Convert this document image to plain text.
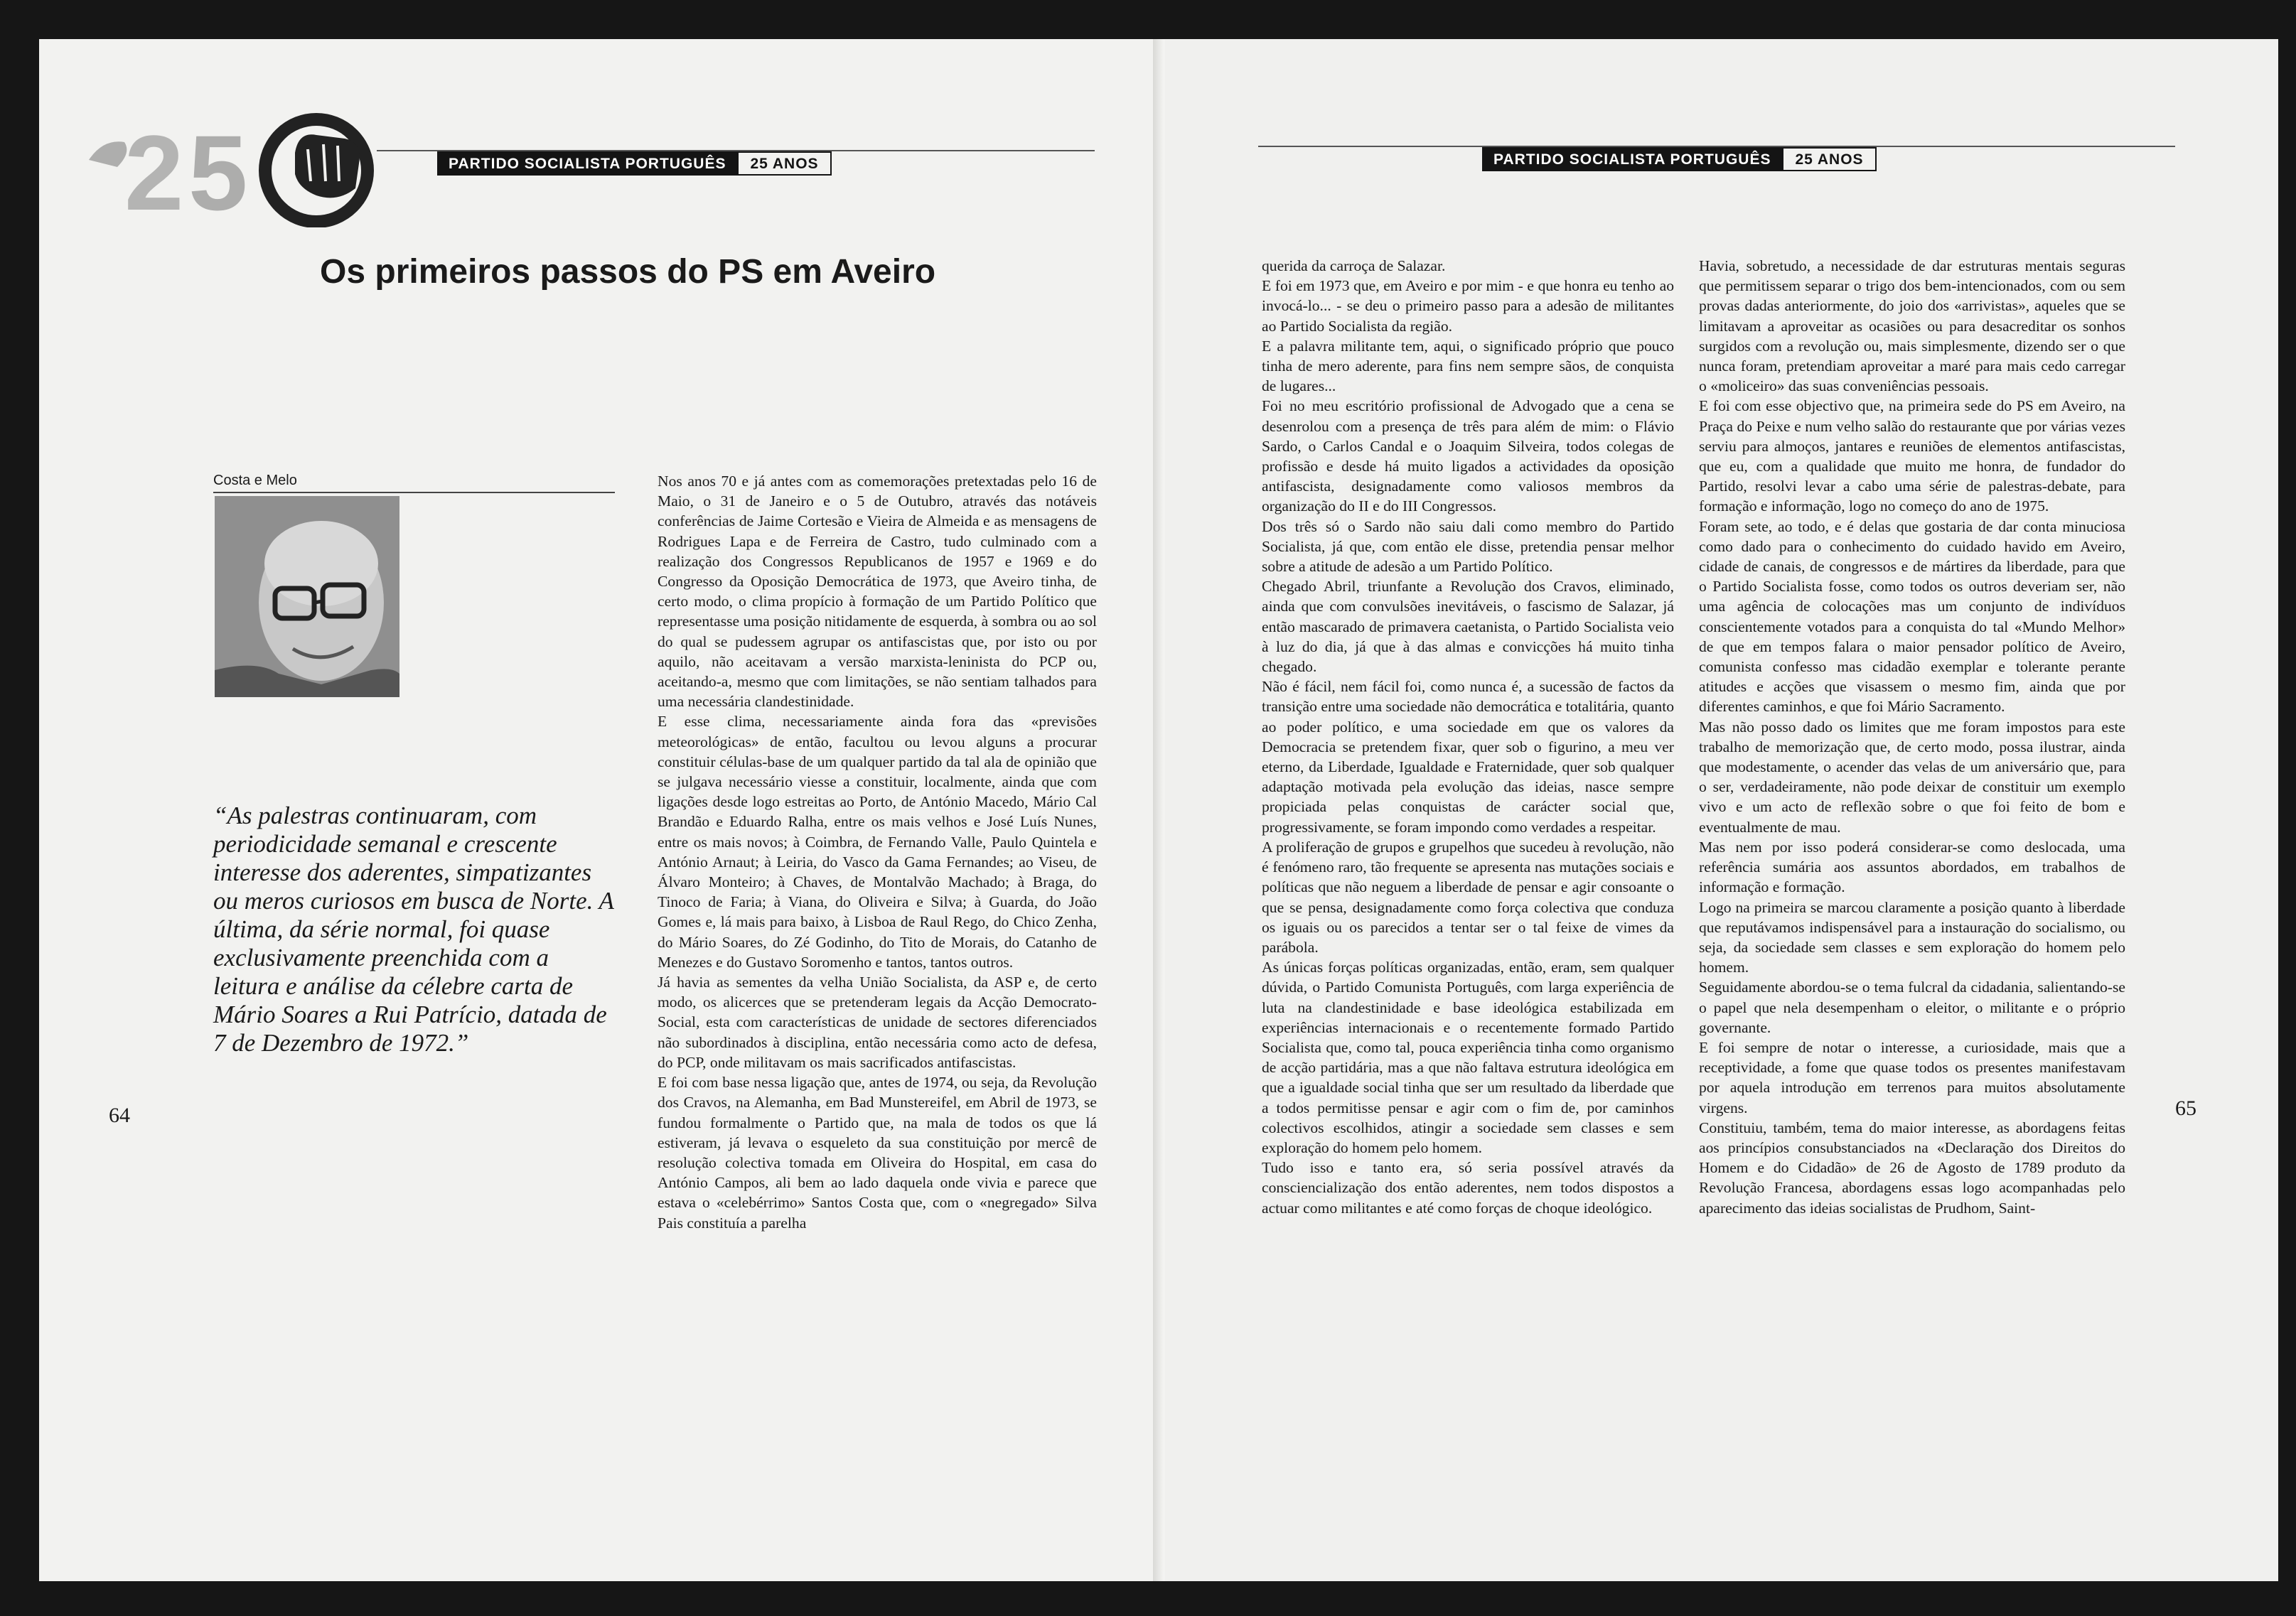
2 5	PARTIDO SOCIALISTA PORTUGUÊS	25 ANOS
Os primeiros passos do PS em Aveiro
Costa e Melo
“As palestras continuaram, com periodicidade semanal e crescente interesse dos aderentes, simpatizantes ou meros curiosos em busca de Norte. A última, da série normal, foi quase exclusivamente preenchida com a leitura e análise da célebre carta de Mário Soares a Rui Patrício, datada de 7 de Dezembro de 1972.”
64

Nos anos 70 e já antes com as comemorações pretextadas pelo 16 de Maio, o 31 de Janeiro e o 5 de Outubro, através das notáveis conferências de Jaime Cortesão e Vieira de Almeida e as mensagens de Rodrigues Lapa e de Ferreira de Castro, tudo culminado com a realização dos Congressos Republicanos de 1957 e 1969 e do Congresso da Oposição Democrática de 1973, que Aveiro tinha, de certo modo, o clima propício à formação de um Partido Político que representasse uma posição nitidamente de esquerda, à sombra ou ao sol do qual se pudessem agrupar os antifascistas que, por isto ou por aquilo, não aceitavam a versão marxista-leninista do PCP ou, aceitando-a, mesmo que com limitações, se não sentiam talhados para uma necessária clandestinidade.

E esse clima, necessariamente ainda fora das «previsões meteorológicas» de então, facultou ou levou alguns a procurar constituir células-base de um qualquer partido da tal ala de opinião que se julgava necessário viesse a constituir, localmente, ainda que com ligações desde logo estreitas ao Porto, de António Macedo, Mário Cal Brandão e Eduardo Ralha, entre os mais velhos e José Luís Nunes, entre os mais novos; à Coimbra, de Fernando Valle, Paulo Quintela e António Arnaut; à Leiria, do Vasco da Gama Fernandes; ao Viseu, de Álvaro Monteiro; à Chaves, de Montalvão Machado; à Braga, do Tinoco de Faria; à Viana, do Oliveira e Silva; à Guarda, do João Gomes e, lá mais para baixo, à Lisboa de Raul Rego, do Chico Zenha, do Mário Soares, do Zé Godinho, do Tito de Morais, do Catanho de Menezes e do Gustavo Soromenho e tantos, tantos outros.

Já havia as sementes da velha União Socialista, da ASP e, de certo modo, os alicerces que se pretenderam legais da Acção Democrato-Social, esta com características de unidade de sectores diferenciados não subordinados à disciplina, então necessária como acto de defesa, do PCP, onde militavam os mais sacrificados antifascistas.

E foi com base nessa ligação que, antes de 1974, ou seja, da Revolução dos Cravos, na Alemanha, em Bad Munstereifel, em Abril de 1973, se fundou formalmente o Partido que, na mala de todos os que lá estiveram, já levava o esqueleto da sua constituição por mercê de resolução colectiva tomada em Oliveira do Hospital, em casa do António Campos, ali bem ao lado daquela onde vivia e parece que estava o «celebérrimo» Santos Costa que, com o «negregado» Silva Pais constituía a parelha

PARTIDO SOCIALISTA PORTUGUÊS	25 ANOS

querida da carroça de Salazar.

E foi em 1973 que, em Aveiro e por mim - e que honra eu tenho ao invocá-lo... - se deu o primeiro passo para a adesão de militantes ao Partido Socialista da região.

E a palavra militante tem, aqui, o significado próprio que pouco tinha de mero aderente, para fins nem sempre sãos, de conquista de lugares...

Foi no meu escritório profissional de Advogado que a cena se desenrolou com a presença de três para além de mim: o Flávio Sardo, o Carlos Candal e o Joaquim Silveira, todos colegas de profissão e desde há muito ligados a actividades da oposição antifascista, designadamente como valiosos membros da organização do II e do III Congressos.

Dos três só o Sardo não saiu dali como membro do Partido Socialista, já que, com então ele disse, pretendia pensar melhor sobre a atitude de adesão a um Partido Político.

Chegado Abril, triunfante a Revolução dos Cravos, eliminado, ainda que com convulsões inevitáveis, o fascismo de Salazar, já então mascarado de primavera caetanista, o Partido Socialista veio à luz do dia, já que à das almas e convicções há muito tinha chegado.

Não é fácil, nem fácil foi, como nunca é, a sucessão de factos da transição entre uma sociedade não democrática e totalitária, quanto ao poder político, e uma sociedade em que os valores da Democracia se pretendem fixar, quer sob o figurino, a meu ver eterno, da Liberdade, Igualdade e Fraternidade, quer sob qualquer adaptação motivada pela evolução das ideias, nasce sempre propiciada pelas conquistas de carácter social que, progressivamente, se foram impondo como verdades a respeitar.

A proliferação de grupos e grupelhos que sucedeu à revolução, não é fenómeno raro, tão frequente se apresenta nas mutações sociais e políticas que não neguem a liberdade de pensar e agir consoante o que se pensa, designadamente como força colectiva que conduza os iguais ou os parecidos a tentar ser o tal feixe de vimes da parábola.

As únicas forças políticas organizadas, então, eram, sem qualquer dúvida, o Partido Comunista Português, com larga experiência de luta na clandestinidade e base ideológica estabilizada em experiências internacionais e o recentemente formado Partido Socialista que, como tal, pouca experiência tinha como organismo de acção partidária, mas a que não faltava estrutura ideológica em que a igualdade social tinha que ser um resultado da liberdade que a todos permitisse pensar e agir com o fim de, por caminhos colectivos escolhidos, atingir a sociedade sem classes e sem exploração do homem pelo homem.

Tudo isso e tanto era, só seria possível através da consciencialização dos então aderentes, nem todos dispostos a actuar como militantes e até como forças de choque ideológico.

Havia, sobretudo, a necessidade de dar estruturas mentais seguras que permitissem separar o trigo dos bem-intencionados, com ou sem provas dadas anteriormente, do joio dos «arrivistas», aqueles que se limitavam a aproveitar as ocasiões ou para desacreditar os sonhos surgidos com a revolução ou, mais simplesmente, dizendo ser o que nunca foram, pretendiam aproveitar a maré para mais cedo carregar o «moliceiro» das suas conveniências pessoais.

E foi com esse objectivo que, na primeira sede do PS em Aveiro, na Praça do Peixe e num velho salão do restaurante que por várias vezes serviu para almoços, jantares e reuniões de elementos antifascistas, que eu, com a qualidade que muito me honra, de fundador do Partido, resolvi levar a cabo uma série de palestras-debate, para formação e informação, logo no começo do ano de 1975.

Foram sete, ao todo, e é delas que gostaria de dar conta minuciosa como dado para o conhecimento do cuidado havido em Aveiro, cidade de canais, de congressos e de mártires da liberdade, para que o Partido Socialista fosse, como todos os outros deveriam ser, não uma agência de colocações mas um conjunto de indivíduos conscientemente votados para a conquista do tal «Mundo Melhor» de que em tempos falara o maior pensador político de Aveiro, comunista confesso mas cidadão exemplar e tolerante perante atitudes e acções que visassem o mesmo fim, ainda que por diferentes caminhos, e que foi Mário Sacramento.

Mas não posso dado os limites que me foram impostos para este trabalho de memorização que, de certo modo, possa ilustrar, ainda que modestamente, o acender das velas de um aniversário que, para o ser, verdadeiramente, não pode deixar de constituir um exemplo vivo e um acto de reflexão sobre o que foi feito de bom e eventualmente de mau.

Mas nem por isso poderá considerar-se como deslocada, uma referência sumária aos assuntos abordados, em trabalhos de informação e formação.

Logo na primeira se marcou claramente a posição quanto à liberdade que reputávamos indispensável para a instauração do socialismo, ou seja, da sociedade sem classes e sem exploração do homem pelo homem.

Seguidamente abordou-se o tema fulcral da cidadania, salientando-se o papel que nela desempenham o eleitor, o militante e o próprio governante.

E foi sempre de notar o interesse, a curiosidade, mais que a receptividade, a fome que quase todos os presentes manifestavam por aquela introdução em terrenos para muitos absolutamente virgens.

Constituiu, também, tema do maior interesse, as abordagens feitas aos princípios consubstanciados na «Declaração dos Direitos do Homem e do Cidadão» de 26 de Agosto de 1789 produto da Revolução Francesa, abordagens essas logo acompanhadas pelo aparecimento das ideias socialistas de Prudhom, Saint-

65
